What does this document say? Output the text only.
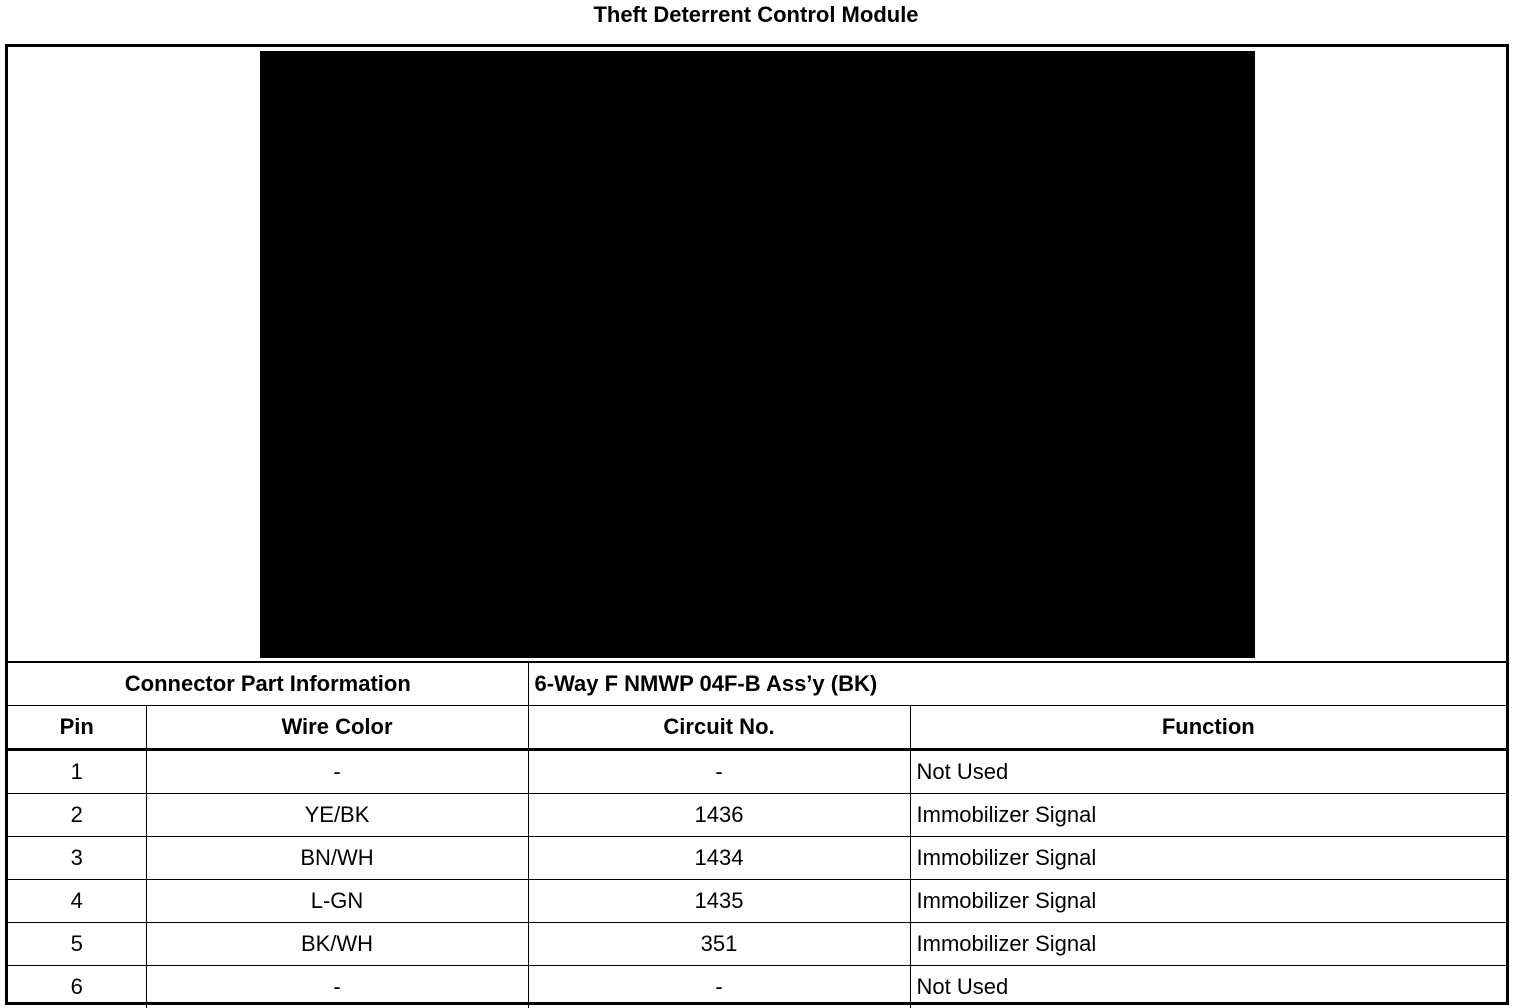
Theft Deterrent Control Module
Connector Part Information		6-Way F NMWP 04F-B Ass’y (BK)	
Pin	Wire Color	Circuit No.	Function
1	-	-	Not Used
2	YE/BK	1436	Immobilizer Signal
3	BN/WH	1434	Immobilizer Signal
4	L-GN	1435	Immobilizer Signal
5	BK/WH	351	Immobilizer Signal
6	-	-	Not Used
